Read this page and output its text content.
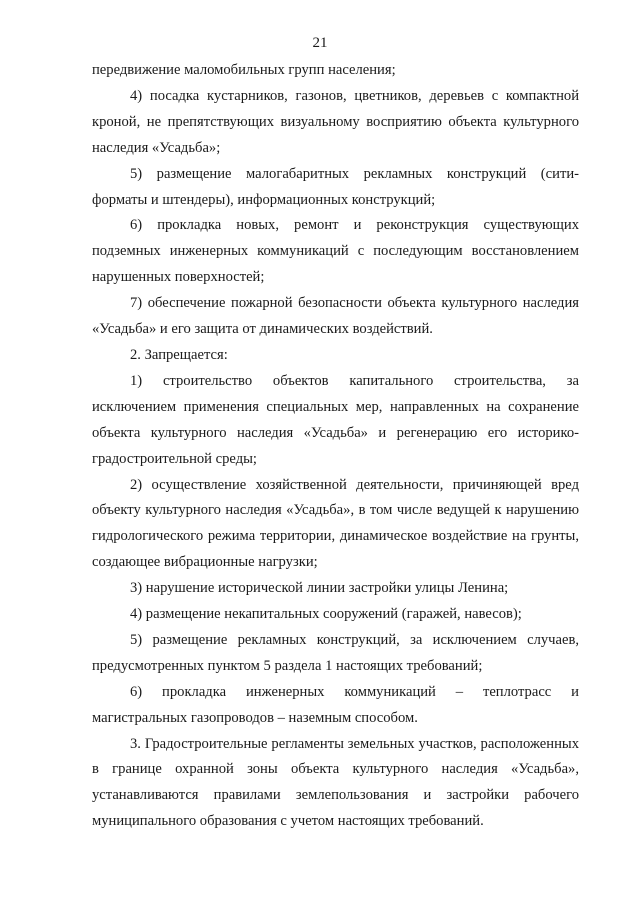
21

передвижение маломобильных групп населения;

4) посадка кустарников, газонов, цветников, деревьев с компактной кроной, не препятствующих визуальному восприятию объекта культурного наследия «Усадьба»;

5) размещение малогабаритных рекламных конструкций (сити-форматы и штендеры), информационных конструкций;

6) прокладка новых, ремонт и реконструкция существующих подземных инженерных коммуникаций с последующим восстановлением нарушенных поверхностей;

7) обеспечение пожарной безопасности объекта культурного наследия «Усадьба» и его защита от динамических воздействий.

2. Запрещается:

1) строительство объектов капитального строительства, за исключением применения специальных мер, направленных на сохранение объекта культурного наследия «Усадьба» и регенерацию его историко-градостроительной среды;

2) осуществление хозяйственной деятельности, причиняющей вред объекту культурного наследия «Усадьба», в том числе ведущей к нарушению гидрологического режима территории, динамическое воздействие на грунты, создающее вибрационные нагрузки;

3) нарушение исторической линии застройки улицы Ленина;

4) размещение некапитальных сооружений (гаражей, навесов);

5) размещение рекламных конструкций, за исключением случаев, предусмотренных пунктом 5 раздела 1 настоящих требований;

6) прокладка инженерных коммуникаций – теплотрасс и магистральных газопроводов – наземным способом.

3. Градостроительные регламенты земельных участков, расположенных в границе охранной зоны объекта культурного наследия «Усадьба», устанавливаются правилами землепользования и застройки рабочего муниципального образования с учетом настоящих требований.
